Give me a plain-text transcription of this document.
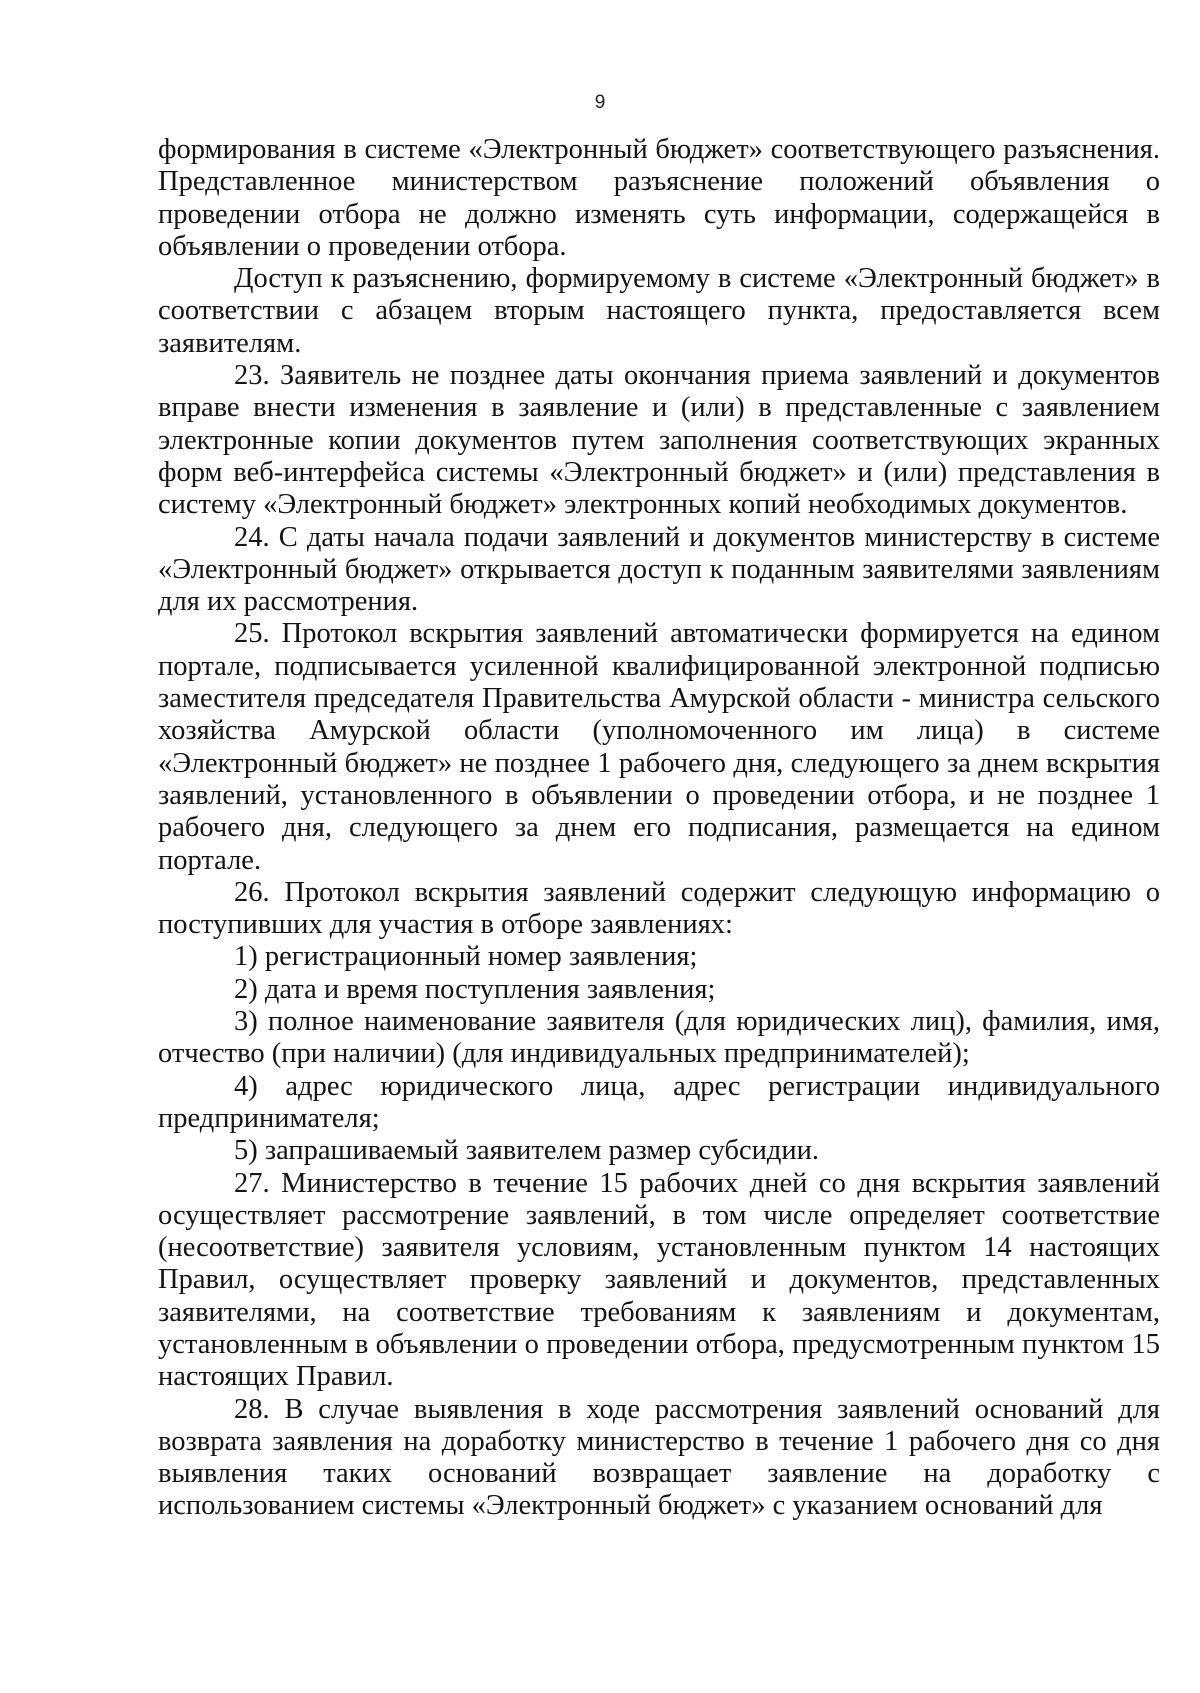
9

формирования в системе «Электронный бюджет» соответствующего разъяснения. Представленное министерством разъяснение положений объявления о проведении отбора не должно изменять суть информации, содержащейся в объявлении о проведении отбора.

Доступ к разъяснению, формируемому в системе «Электронный бюджет» в соответствии с абзацем вторым настоящего пункта, предоставляется всем заявителям.

23. Заявитель не позднее даты окончания приема заявлений и документов вправе внести изменения в заявление и (или) в представленные с заявлением электронные копии документов путем заполнения соответствующих экранных форм веб-интерфейса системы «Электронный бюджет» и (или) представления в систему «Электронный бюджет» электронных копий необходимых документов.

24. С даты начала подачи заявлений и документов министерству в системе «Электронный бюджет» открывается доступ к поданным заявителями заявлениям для их рассмотрения.

25. Протокол вскрытия заявлений автоматически формируется на едином портале, подписывается усиленной квалифицированной электронной подписью заместителя председателя Правительства Амурской области - министра сельского хозяйства Амурской области (уполномоченного им лица) в системе «Электронный бюджет» не позднее 1 рабочего дня, следующего за днем вскрытия заявлений, установленного в объявлении о проведении отбора, и не позднее 1 рабочего дня, следующего за днем его подписания, размещается на едином портале.

26. Протокол вскрытия заявлений содержит следующую информацию о поступивших для участия в отборе заявлениях:

1) регистрационный номер заявления;

2) дата и время поступления заявления;

3) полное наименование заявителя (для юридических лиц), фамилия, имя, отчество (при наличии) (для индивидуальных предпринимателей);

4) адрес юридического лица, адрес регистрации индивидуального предпринимателя;

5) запрашиваемый заявителем размер субсидии.

27. Министерство в течение 15 рабочих дней со дня вскрытия заявлений осуществляет рассмотрение заявлений, в том числе определяет соответствие (несоответствие) заявителя условиям, установленным пунктом 14 настоящих Правил, осуществляет проверку заявлений и документов, представленных заявителями, на соответствие требованиям к заявлениям и документам, установленным в объявлении о проведении отбора, предусмотренным пунктом 15 настоящих Правил.

28. В случае выявления в ходе рассмотрения заявлений оснований для возврата заявления на доработку министерство в течение 1 рабочего дня со дня выявления таких оснований возвращает заявление на доработку с использованием системы «Электронный бюджет» с указанием оснований для
